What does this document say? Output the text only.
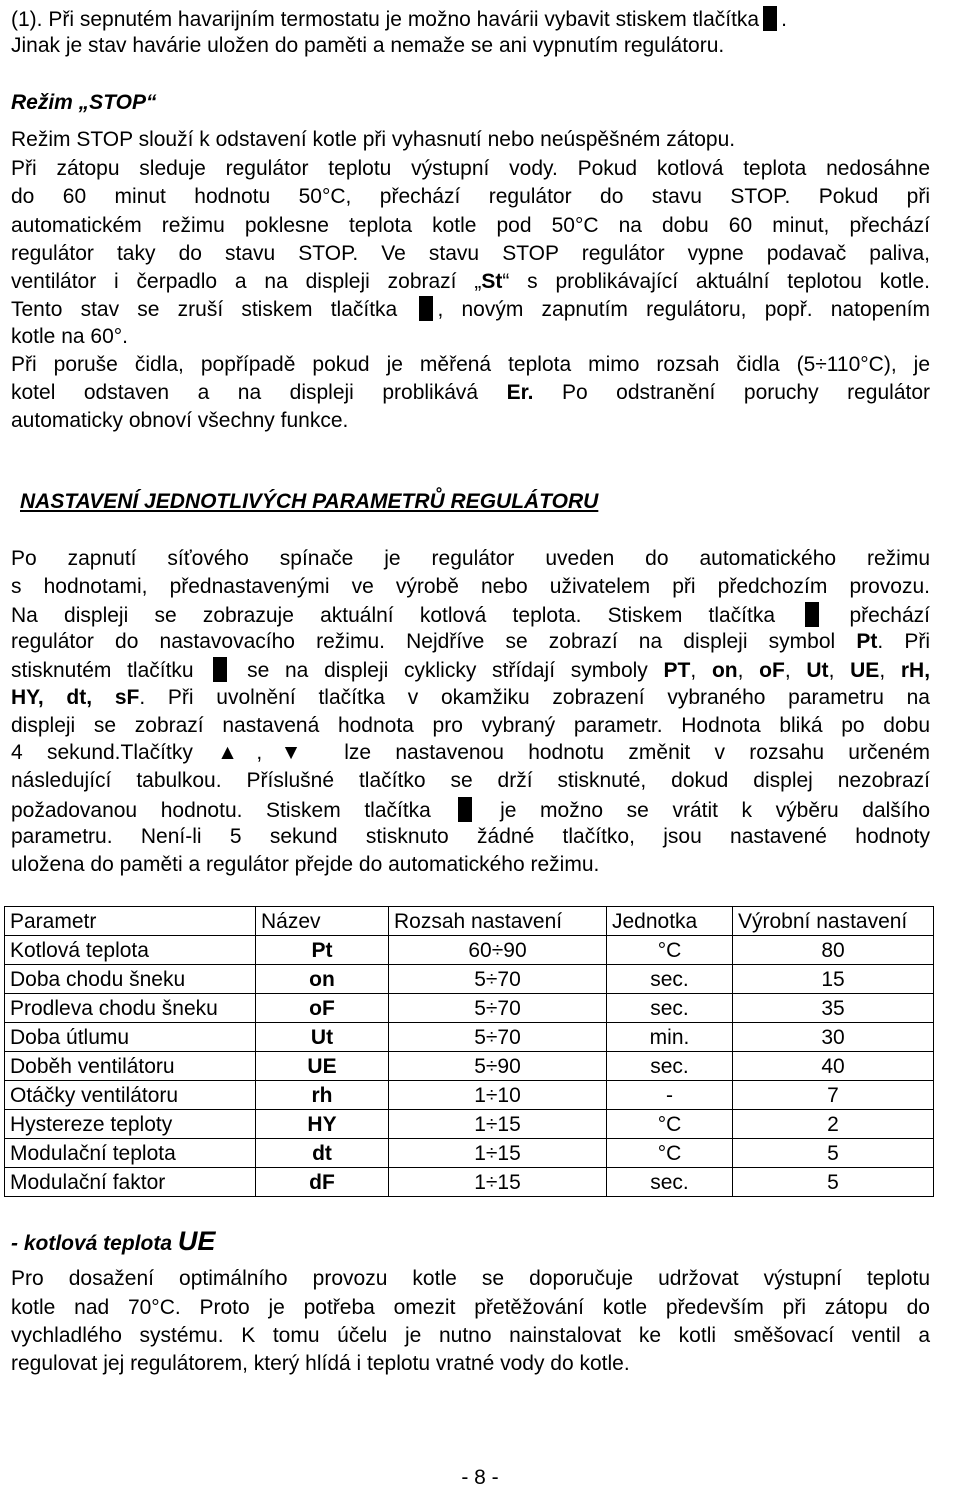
(1). Při sepnutém havarijním termostatu je možno havárii vybavit stiskem tlačítka .
Jinak je stav havárie uložen do paměti a nemaže se ani vypnutím regulátoru.
Režim „STOP“
Režim STOP slouží k odstavení kotle při vyhasnutí nebo neúspěšném zátopu.
Při zátopu sleduje regulátor teplotu výstupní vody. Pokud kotlová teplota nedosáhne
do 60 minut hodnotu 50°C, přechází regulátor do stavu STOP. Pokud při
automatickém režimu poklesne teplota kotle pod 50°C na dobu 60 minut, přechází
regulátor taky do stavu STOP. Ve stavu STOP regulátor vypne podavač paliva,
ventilátor i čerpadlo a na displeji zobrazí „St“ s problikávající aktuální teplotou kotle.
Tento stav se zruší stiskem tlačítka , novým zapnutím regulátoru, popř. natopením
kotle na 60°.
Při poruše čidla, popřípadě pokud je měřená teplota mimo rozsah čidla (5÷110°C), je
kotel odstaven a na displeji problikává Er. Po odstranění poruchy regulátor
automaticky obnoví všechny funkce.
NASTAVENÍ JEDNOTLIVÝCH PARAMETRŮ REGULÁTORU
Po zapnutí síťového spínače je regulátor uveden do automatického režimu
s hodnotami, přednastavenými ve výrobě nebo uživatelem při předchozím provozu.
Na displeji se zobrazuje aktuální kotlová teplota. Stiskem tlačítka	přechází
regulátor do nastavovacího režimu. Nejdříve se zobrazí na displeji symbol Pt. Při
stisknutém tlačítku	se na displeji cyklicky střídají symboly PT, on, oF, Ut, UE, rH,
HY, dt, sF. Při uvolnění tlačítka v okamžiku zobrazení vybraného parametru na
displeji se zobrazí nastavená hodnota pro vybraný parametr. Hodnota bliká po dobu
4 sekund.Tlačítky ▲,▼ lze nastavenou hodnotu změnit v rozsahu určeném
následující tabulkou. Příslušné tlačítko se drží stisknuté, dokud displej nezobrazí
požadovanou hodnotu. Stiskem tlačítka	je možno se vrátit k výběru dalšího
parametru. Není-li 5 sekund stisknuto žádné tlačítko, jsou nastavené hodnoty
uložena do paměti a regulátor přejde do automatického režimu.
Parametr	Název	Rozsah nastavení	Jednotka	Výrobní nastavení
Kotlová teplota	Pt	60÷90	°C	80
Doba chodu šneku	on	5÷70	sec.	15
Prodleva chodu šneku	oF	5÷70	sec.	35
Doba útlumu	Ut	5÷70	min.	30
Doběh ventilátoru	UE	5÷90	sec.	40
Otáčky ventilátoru	rh	1÷10	-	7
Hystereze teploty	HY	1÷15	°C	2
Modulační teplota	dt	1÷15	°C	5
Modulační faktor	dF	1÷15	sec.	5
- kotlová teplota UE
Pro dosažení optimálního provozu kotle se doporučuje udržovat výstupní teplotu
kotle nad 70°C. Proto je potřeba omezit přetěžování kotle především při zátopu do
vychladlého systému. K tomu účelu je nutno nainstalovat ke kotli směšovací ventil a
regulovat jej regulátorem, který hlídá i teplotu vratné vody do kotle.
- 8 -
